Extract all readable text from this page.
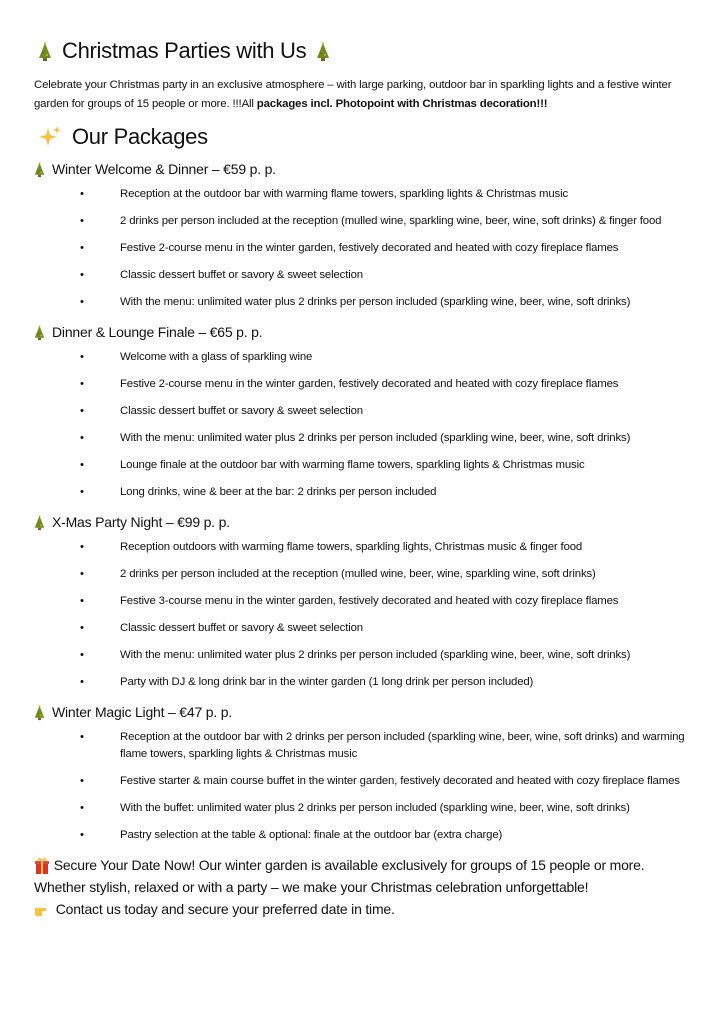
Christmas Parties with Us

Celebrate your Christmas party in an exclusive atmosphere – with large parking, outdoor bar in sparkling lights and a festive winter garden for groups of 15 people or more. !!!All packages incl. Photopoint with Christmas decoration!!!

Our Packages
Winter Welcome & Dinner – €59 p. p.
•	Reception at the outdoor bar with warming flame towers, sparkling lights & Christmas music
•	2 drinks per person included at the reception (mulled wine, sparkling wine, beer, wine, soft drinks) & finger food
•	Festive 2-course menu in the winter garden, festively decorated and heated with cozy fireplace flames
•	Classic dessert buffet or savory & sweet selection
•	With the menu: unlimited water plus 2 drinks per person included (sparkling wine, beer, wine, soft drinks)
Dinner & Lounge Finale – €65 p. p.
•	Welcome with a glass of sparkling wine
•	Festive 2-course menu in the winter garden, festively decorated and heated with cozy fireplace flames
•	Classic dessert buffet or savory & sweet selection
•	With the menu: unlimited water plus 2 drinks per person included (sparkling wine, beer, wine, soft drinks)
•	Lounge finale at the outdoor bar with warming flame towers, sparkling lights & Christmas music
•	Long drinks, wine & beer at the bar: 2 drinks per person included
X-Mas Party Night – €99 p. p.
•	Reception outdoors with warming flame towers, sparkling lights, Christmas music & finger food
•	2 drinks per person included at the reception (mulled wine, beer, wine, sparkling wine, soft drinks)
•	Festive 3-course menu in the winter garden, festively decorated and heated with cozy fireplace flames
•	Classic dessert buffet or savory & sweet selection
•	With the menu: unlimited water plus 2 drinks per person included (sparkling wine, beer, wine, soft drinks)
•	Party with DJ & long drink bar in the winter garden (1 long drink per person included)
Winter Magic Light – €47 p. p.
•	Reception at the outdoor bar with 2 drinks per person included (sparkling wine, beer, wine, soft drinks) and warming flame towers, sparkling lights & Christmas music
•	Festive starter & main course buffet in the winter garden, festively decorated and heated with cozy fireplace flames
•	With the buffet: unlimited water plus 2 drinks per person included (sparkling wine, beer, wine, soft drinks)
•	Pastry selection at the table & optional: finale at the outdoor bar (extra charge)
Secure Your Date Now! Our winter garden is available exclusively for groups of 15 people or more. Whether stylish, relaxed or with a party – we make your Christmas celebration unforgettable!
Contact us today and secure your preferred date in time.
